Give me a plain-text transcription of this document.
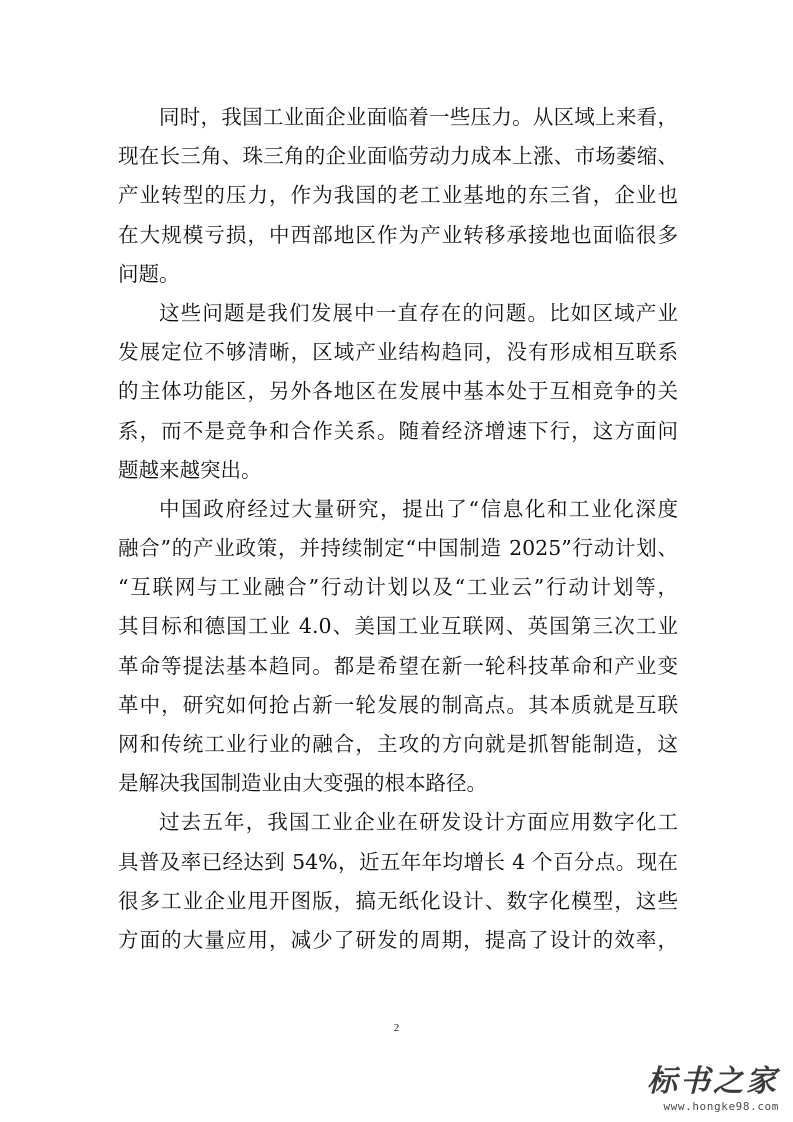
同时，我国工业面企业面临着一些压力。从区域上来看，
现在长三角、珠三角的企业面临劳动力成本上涨、市场萎缩、
产业转型的压力，作为我国的老工业基地的东三省，企业也
在大规模亏损，中西部地区作为产业转移承接地也面临很多
问题。
这些问题是我们发展中一直存在的问题。比如区域产业
发展定位不够清晰，区域产业结构趋同，没有形成相互联系
的主体功能区，另外各地区在发展中基本处于互相竞争的关
系，而不是竞争和合作关系。随着经济增速下行，这方面问
题越来越突出。
中国政府经过大量研究，提出了“信息化和工业化深度
融合”的产业政策，并持续制定“中国制造 2025”行动计划、
“互联网与工业融合”行动计划以及“工业云”行动计划等，
其目标和德国工业 4.0、美国工业互联网、英国第三次工业
革命等提法基本趋同。都是希望在新一轮科技革命和产业变
革中，研究如何抢占新一轮发展的制高点。其本质就是互联
网和传统工业行业的融合，主攻的方向就是抓智能制造，这
是解决我国制造业由大变强的根本路径。
过去五年，我国工业企业在研发设计方面应用数字化工
具普及率已经达到 54%，近五年年均增长 4 个百分点。现在
很多工业企业甩开图版，搞无纸化设计、数字化模型，这些
方面的大量应用，减少了研发的周期，提高了设计的效率，
2
标书之家
www.hongke98.com
